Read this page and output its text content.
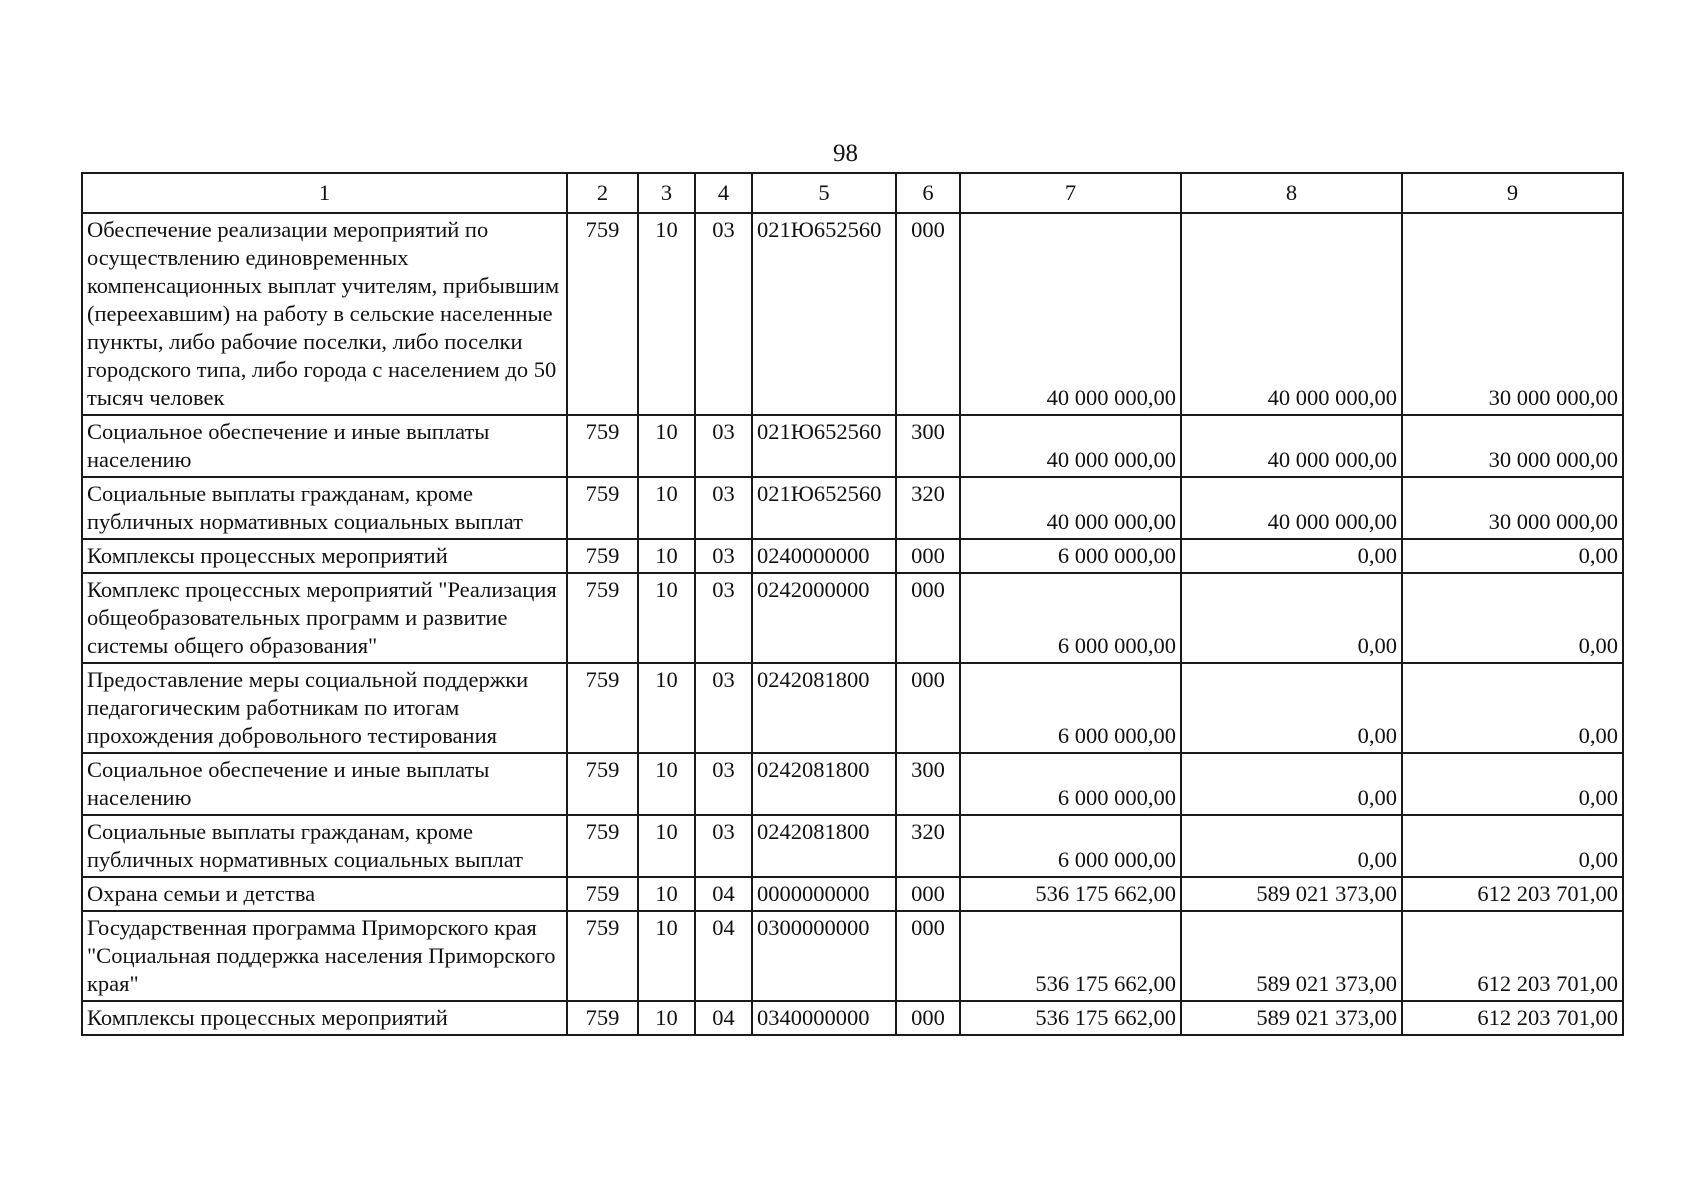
98
1	2	3	4	5	6	7	8	9
Обеспечение реализации мероприятий по осуществлению единовременных компенсационных выплат учителям, прибывшим (переехавшим) на работу в сельские населенные пункты, либо рабочие поселки, либо поселки городского типа, либо города с населением до 50 тысяч человек	759	10	03	021Ю652560	000	40 000 000,00	40 000 000,00	30 000 000,00
Социальное обеспечение и иные выплаты населению	759	10	03	021Ю652560	300	40 000 000,00	40 000 000,00	30 000 000,00
Социальные выплаты гражданам, кроме публичных нормативных социальных выплат	759	10	03	021Ю652560	320	40 000 000,00	40 000 000,00	30 000 000,00
Комплексы процессных мероприятий	759	10	03	0240000000	000	6 000 000,00	0,00	0,00
Комплекс процессных мероприятий "Реализация общеобразовательных программ и развитие системы общего образования"	759	10	03	0242000000	000	6 000 000,00	0,00	0,00
Предоставление меры социальной поддержки педагогическим работникам по итогам прохождения добровольного тестирования	759	10	03	0242081800	000	6 000 000,00	0,00	0,00
Социальное обеспечение и иные выплаты населению	759	10	03	0242081800	300	6 000 000,00	0,00	0,00
Социальные выплаты гражданам, кроме публичных нормативных социальных выплат	759	10	03	0242081800	320	6 000 000,00	0,00	0,00
Охрана семьи и детства	759	10	04	0000000000	000	536 175 662,00	589 021 373,00	612 203 701,00
Государственная программа Приморского края "Социальная поддержка населения Приморского края"	759	10	04	0300000000	000	536 175 662,00	589 021 373,00	612 203 701,00
Комплексы процессных мероприятий	759	10	04	0340000000	000	536 175 662,00	589 021 373,00	612 203 701,00
